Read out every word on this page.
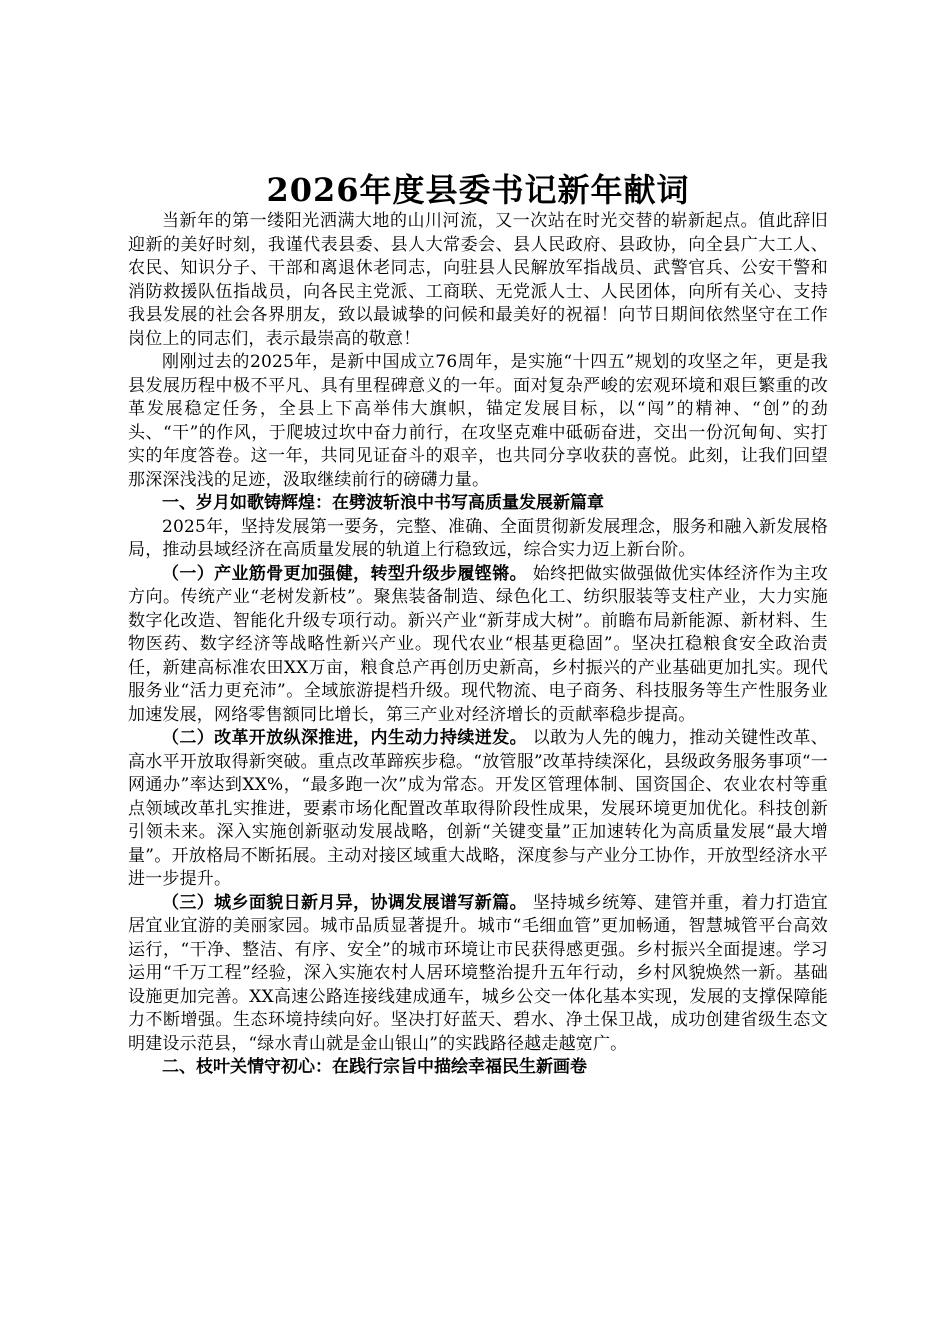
2026年度县委书记新年献词

当新年的第一缕阳光洒满大地的山川河流，又一次站在时光交替的崭新起点。值此辞旧迎新的美好时刻，我谨代表县委、县人大常委会、县人民政府、县政协，向全县广大工人、农民、知识分子、干部和离退休老同志，向驻县人民解放军指战员、武警官兵、公安干警和消防救援队伍指战员，向各民主党派、工商联、无党派人士、人民团体，向所有关心、支持我县发展的社会各界朋友，致以最诚挚的问候和最美好的祝福！向节日期间依然坚守在工作岗位上的同志们，表示最崇高的敬意！

刚刚过去的2025年，是新中国成立76周年，是实施“十四五”规划的攻坚之年，更是我县发展历程中极不平凡、具有里程碑意义的一年。面对复杂严峻的宏观环境和艰巨繁重的改革发展稳定任务，全县上下高举伟大旗帜，锚定发展目标，以“闯”的精神、“创”的劲头、“干”的作风，于爬坡过坎中奋力前行，在攻坚克难中砥砺奋进，交出一份沉甸甸、实打实的年度答卷。这一年，共同见证奋斗的艰辛，也共同分享收获的喜悦。此刻，让我们回望那深深浅浅的足迹，汲取继续前行的磅礴力量。

一、岁月如歌铸辉煌：在劈波斩浪中书写高质量发展新篇章

2025年，坚持发展第一要务，完整、准确、全面贯彻新发展理念，服务和融入新发展格局，推动县域经济在高质量发展的轨道上行稳致远，综合实力迈上新台阶。

（一）产业筋骨更加强健，转型升级步履铿锵。 始终把做实做强做优实体经济作为主攻方向。传统产业“老树发新枝”。聚焦装备制造、绿色化工、纺织服装等支柱产业，大力实施数字化改造、智能化升级专项行动。新兴产业“新芽成大树”。前瞻布局新能源、新材料、生物医药、数字经济等战略性新兴产业。现代农业“根基更稳固”。坚决扛稳粮食安全政治责任，新建高标准农田XX万亩，粮食总产再创历史新高，乡村振兴的产业基础更加扎实。现代服务业“活力更充沛”。全域旅游提档升级。现代物流、电子商务、科技服务等生产性服务业加速发展，网络零售额同比增长，第三产业对经济增长的贡献率稳步提高。

（二）改革开放纵深推进，内生动力持续迸发。 以敢为人先的魄力，推动关键性改革、高水平开放取得新突破。重点改革蹄疾步稳。“放管服”改革持续深化，县级政务服务事项“一网通办”率达到XX%，“最多跑一次”成为常态。开发区管理体制、国资国企、农业农村等重点领域改革扎实推进，要素市场化配置改革取得阶段性成果，发展环境更加优化。科技创新引领未来。深入实施创新驱动发展战略，创新“关键变量”正加速转化为高质量发展“最大增量”。开放格局不断拓展。主动对接区域重大战略，深度参与产业分工协作，开放型经济水平进一步提升。

（三）城乡面貌日新月异，协调发展谱写新篇。 坚持城乡统筹、建管并重，着力打造宜居宜业宜游的美丽家园。城市品质显著提升。城市“毛细血管”更加畅通，智慧城管平台高效运行，“干净、整洁、有序、安全”的城市环境让市民获得感更强。乡村振兴全面提速。学习运用“千万工程”经验，深入实施农村人居环境整治提升五年行动，乡村风貌焕然一新。基础设施更加完善。XX高速公路连接线建成通车，城乡公交一体化基本实现，发展的支撑保障能力不断增强。生态环境持续向好。坚决打好蓝天、碧水、净土保卫战，成功创建省级生态文明建设示范县，“绿水青山就是金山银山”的实践路径越走越宽广。

二、枝叶关情守初心：在践行宗旨中描绘幸福民生新画卷
